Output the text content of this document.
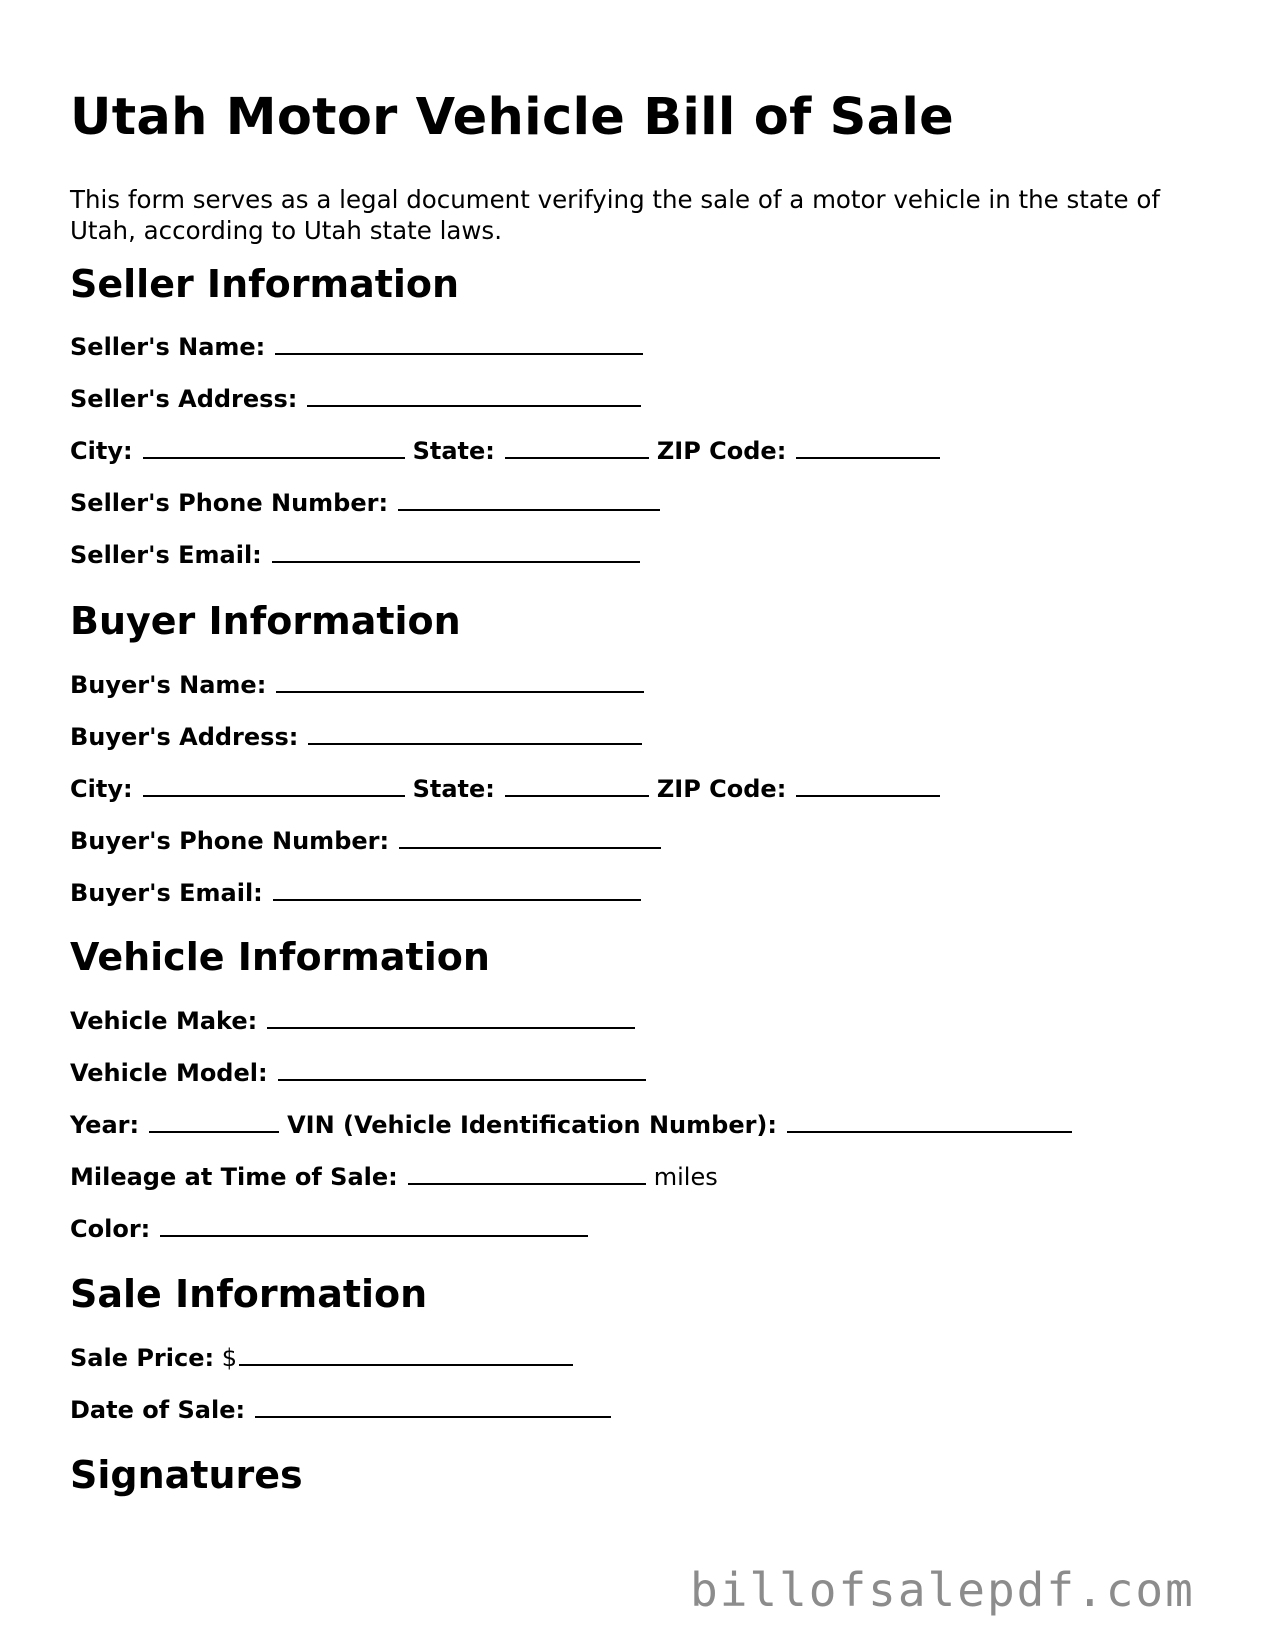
Utah Motor Vehicle Bill of Sale

This form serves as a legal document verifying the sale of a motor vehicle in the state of Utah, according to Utah state laws.

Seller Information
Seller's Name:
Seller's Address:
City:	State:	ZIP Code:
Seller's Phone Number:
Seller's Email:
Buyer Information
Buyer's Name:
Buyer's Address:
City:	State:	ZIP Code:
Buyer's Phone Number:
Buyer's Email:
Vehicle Information
Vehicle Make:
Vehicle Model:
Year:	VIN (Vehicle Identification Number):
Mileage at Time of Sale:	miles
Color:
Sale Information
Sale Price: $
Date of Sale:
Signatures
billofsalepdf.com
